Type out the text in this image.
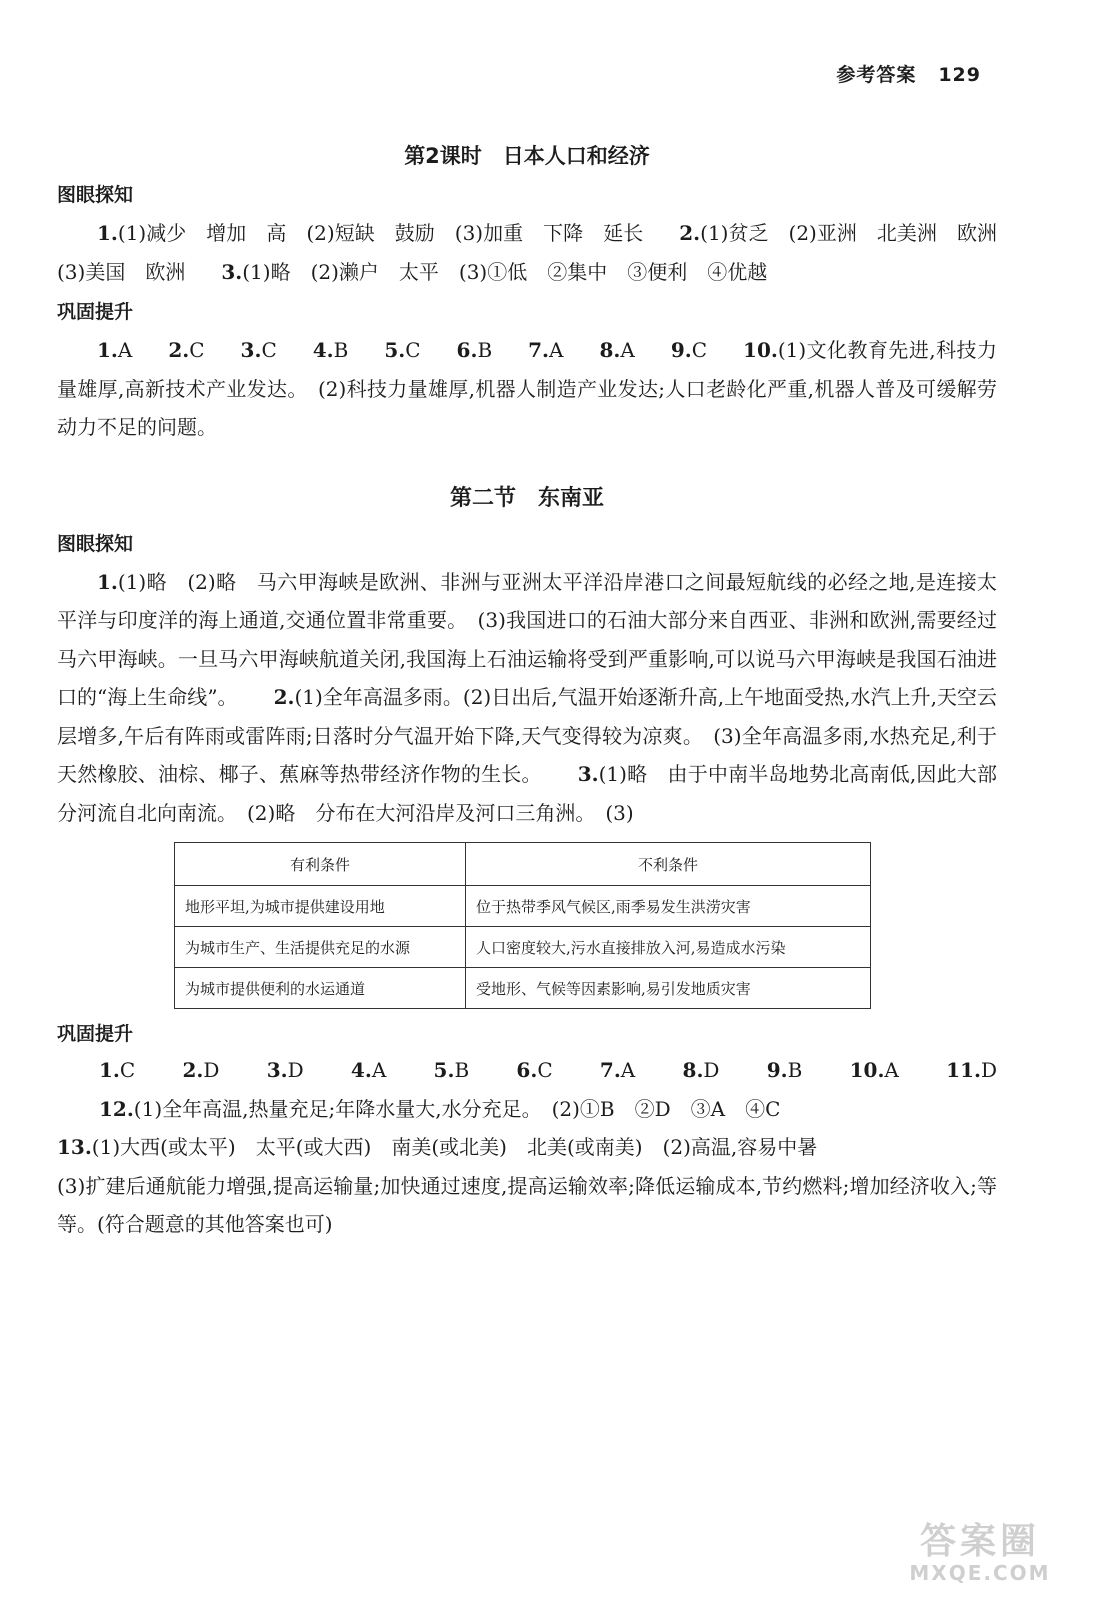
参考答案 129
第2课时　日本人口和经济
图眼探知

1.(1)减少　增加　高　(2)短缺　鼓励　(3)加重　下降　延长 2.(1)贫乏　(2)亚洲　北美洲　欧洲　(3)美国　欧洲 3.(1)略　(2)濑户　太平　(3)①低　②集中　③便利　④优越

巩固提升

1.A 2.C 3.C 4.B 5.C 6.B 7.A 8.A 9.C 10.(1)文化教育先进,科技力量雄厚,高新技术产业发达。　(2)科技力量雄厚,机器人制造产业发达;人口老龄化严重,机器人普及可缓解劳动力不足的问题。

第二节　东南亚
图眼探知

1.(1)略　(2)略　马六甲海峡是欧洲、非洲与亚洲太平洋沿岸港口之间最短航线的必经之地,是连接太平洋与印度洋的海上通道,交通位置非常重要。　(3)我国进口的石油大部分来自西亚、非洲和欧洲,需要经过马六甲海峡。一旦马六甲海峡航道关闭,我国海上石油运输将受到严重影响,可以说马六甲海峡是我国石油进口的“海上生命线”。 2.(1)全年高温多雨。(2)日出后,气温开始逐渐升高,上午地面受热,水汽上升,天空云层增多,午后有阵雨或雷阵雨;日落时分气温开始下降,天气变得较为凉爽。　(3)全年高温多雨,水热充足,利于天然橡胶、油棕、椰子、蕉麻等热带经济作物的生长。 3.(1)略　由于中南半岛地势北高南低,因此大部分河流自北向南流。　(2)略　分布在大河沿岸及河口三角洲。　(3)

有利条件	不利条件
地形平坦,为城市提供建设用地	位于热带季风气候区,雨季易发生洪涝灾害
为城市生产、生活提供充足的水源	人口密度较大,污水直接排放入河,易造成水污染
为城市提供便利的水运通道	受地形、气候等因素影响,易引发地质灾害
巩固提升
1.C 2.D 3.D 4.A 5.B 6.C 7.A 8.D 9.B 10.A 11.D

12.(1)全年高温,热量充足;年降水量大,水分充足。　(2)①B　②D　③A　④C

13.(1)大西(或太平)　太平(或大西)　南美(或北美)　北美(或南美)　(2)高温,容易中暑

(3)扩建后通航能力增强,提高运输量;加快通过速度,提高运输效率;降低运输成本,节约燃料;增加经济收入;等等。(符合题意的其他答案也可)

答案圈
MXQE.COM
